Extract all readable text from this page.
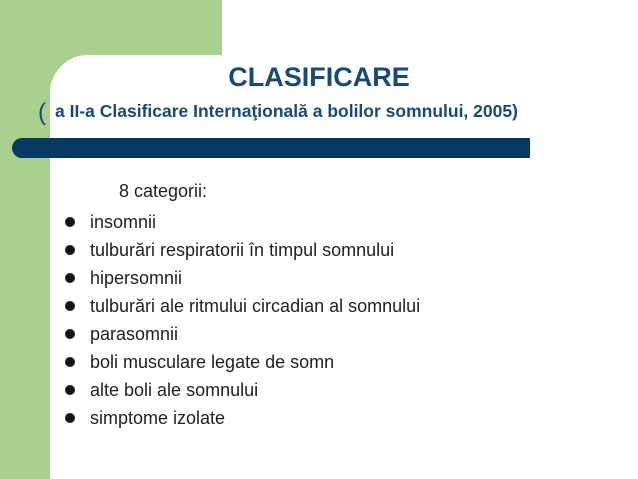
CLASIFICARE
( a II-a Clasificare Internaţională a bolilor somnului, 2005)
8 categorii:
insomnii
tulburări respiratorii în timpul somnului
hipersomnii
tulburări ale ritmului circadian al somnului
parasomnii
boli musculare legate de somn
alte boli ale somnului
simptome izolate
